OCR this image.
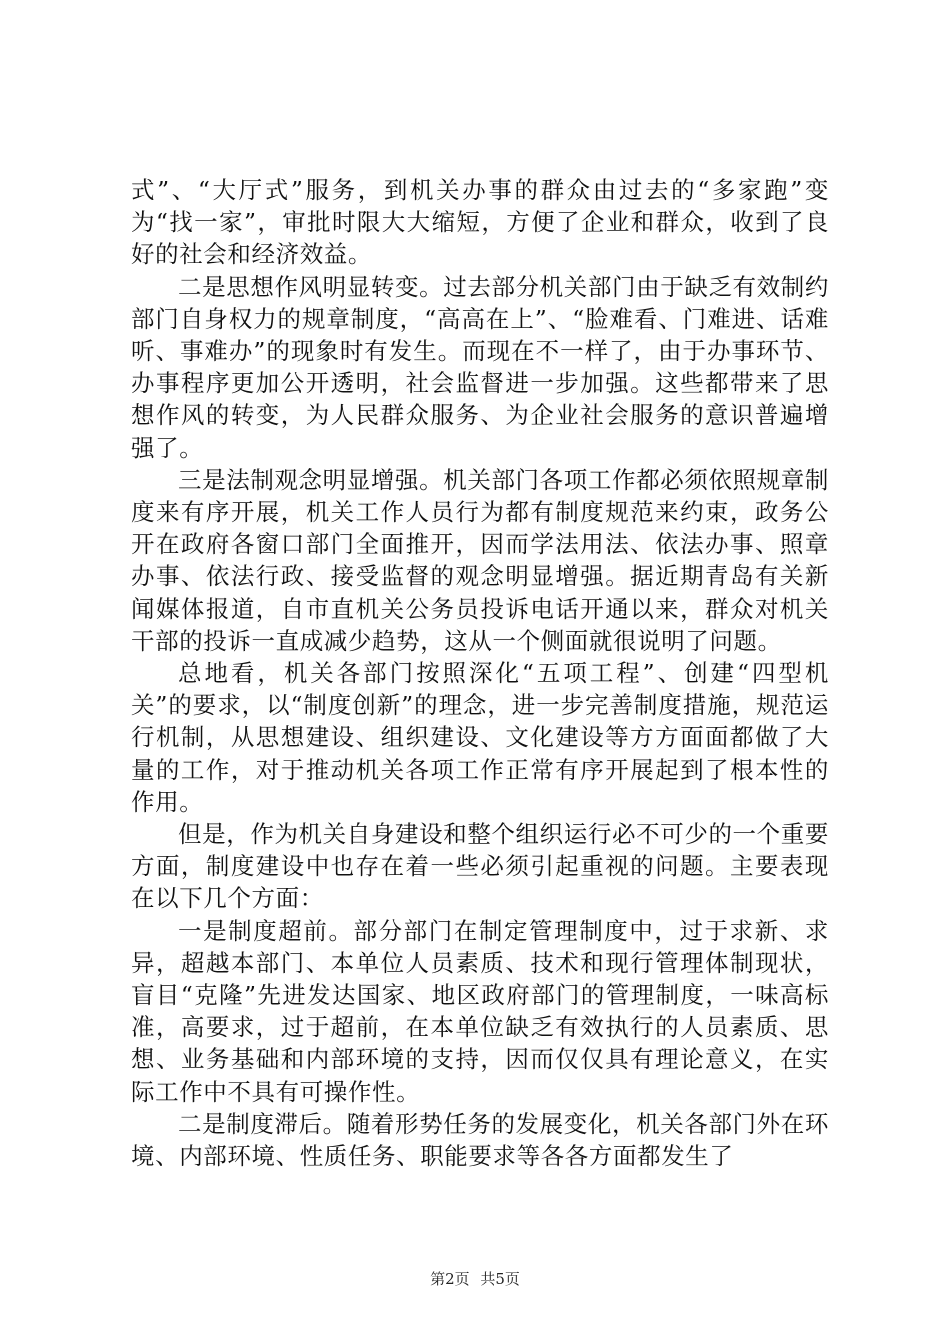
式”、“大厅式”服务，到机关办事的群众由过去的“多家跑”变为“找一家”，审批时限大大缩短，方便了企业和群众，收到了良好的社会和经济效益。

二是思想作风明显转变。过去部分机关部门由于缺乏有效制约部门自身权力的规章制度，“高高在上”、“脸难看、门难进、话难听、事难办”的现象时有发生。而现在不一样了，由于办事环节、办事程序更加公开透明，社会监督进一步加强。这些都带来了思想作风的转变，为人民群众服务、为企业社会服务的意识普遍增强了。

三是法制观念明显增强。机关部门各项工作都必须依照规章制度来有序开展，机关工作人员行为都有制度规范来约束，政务公开在政府各窗口部门全面推开，因而学法用法、依法办事、照章办事、依法行政、接受监督的观念明显增强。据近期青岛有关新闻媒体报道，自市直机关公务员投诉电话开通以来，群众对机关干部的投诉一直成减少趋势，这从一个侧面就很说明了问题。

总地看，机关各部门按照深化“五项工程”、创建“四型机关”的要求，以“制度创新”的理念，进一步完善制度措施，规范运行机制，从思想建设、组织建设、文化建设等方方面面都做了大量的工作，对于推动机关各项工作正常有序开展起到了根本性的作用。

但是，作为机关自身建设和整个组织运行必不可少的一个重要方面，制度建设中也存在着一些必须引起重视的问题。主要表现在以下几个方面：

一是制度超前。部分部门在制定管理制度中，过于求新、求异，超越本部门、本单位人员素质、技术和现行管理体制现状，盲目“克隆”先进发达国家、地区政府部门的管理制度，一味高标准，高要求，过于超前，在本单位缺乏有效执行的人员素质、思想、业务基础和内部环境的支持，因而仅仅具有理论意义，在实际工作中不具有可操作性。

二是制度滞后。随着形势任务的发展变化，机关各部门外在环境、内部环境、性质任务、职能要求等各各方面都发生了

第2页 共5页
